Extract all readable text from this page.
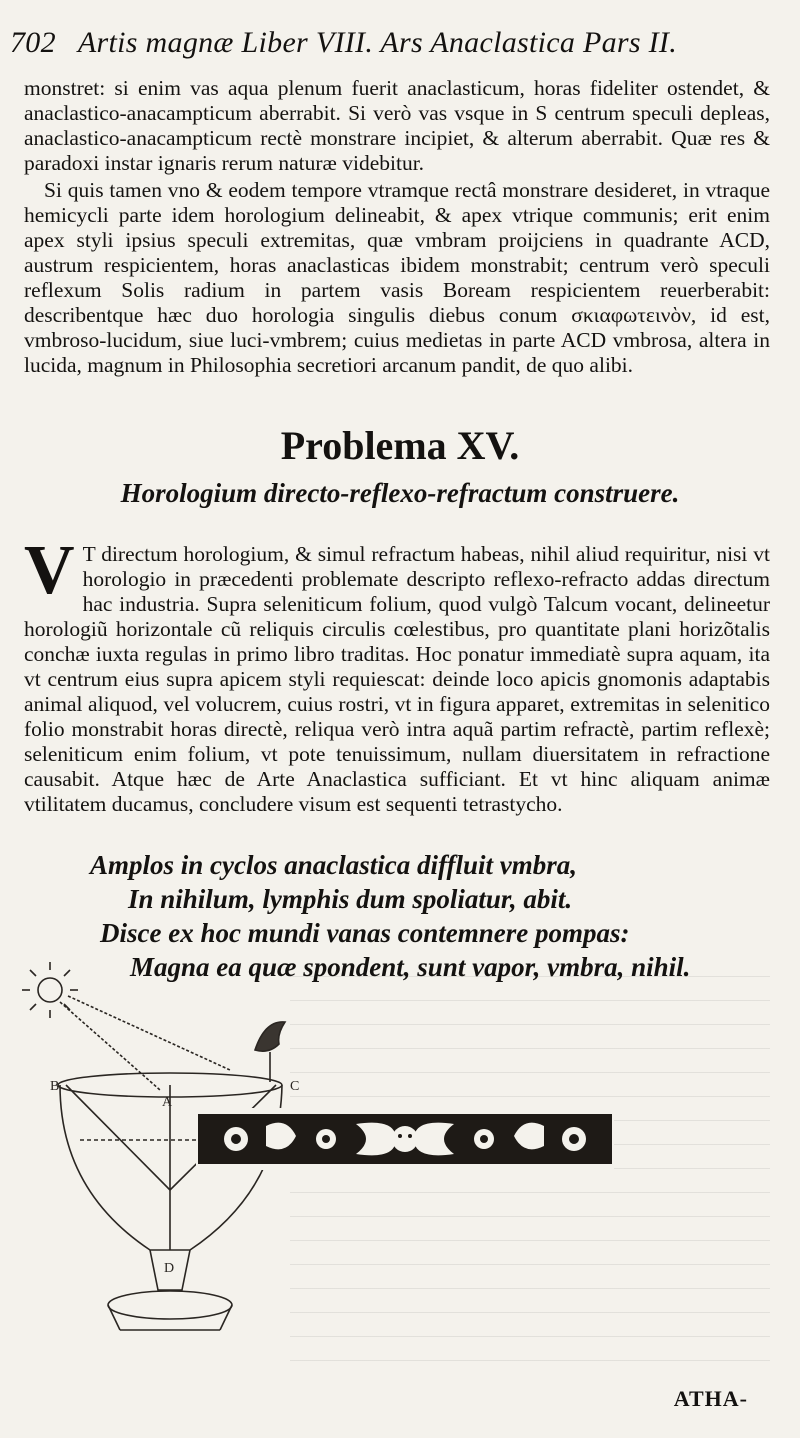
702 Artis magnæ Liber VIII. Ars Anaclastica Pars II.

monstret: si enim vas aqua plenum fuerit anaclasticum, horas fideliter ostendet, & anaclastico-anacampticum aberrabit. Si verò vas vsque in S centrum speculi depleas, anaclastico-anacampticum rectè monstrare incipiet, & alterum aberrabit. Quæ res & paradoxi instar ignaris rerum naturæ videbitur.

Si quis tamen vno & eodem tempore vtramque rectâ monstrare desideret, in vtraque hemicycli parte idem horologium delineabit, & apex vtrique communis; erit enim apex styli ipsius speculi extremitas, quæ vmbram proijciens in quadrante ACD, austrum respicientem, horas anaclasticas ibidem monstrabit; centrum verò speculi reflexum Solis radium in partem vasis Boream respicientem reuerberabit: describentque hæc duo horologia singulis diebus conum σκιαφωτεινὸν, id est, vmbroso-lucidum, siue luci-vmbrem; cuius medietas in parte ACD vmbrosa, altera in lucida, magnum in Philosophia secretiori arcanum pandit, de quo alibi.

Problema XV.
Horologium directo-reflexo-refractum construere.
V T directum horologium, & simul refractum habeas, nihil aliud requiritur, nisi vt horologio in præcedenti problemate descripto reflexo-refracto addas directum hac industria. Supra seleniticum folium, quod vulgò Talcum vocant, delineetur horologiũ horizontale cũ reliquis circulis cœlestibus, pro quantitate plani horizõtalis conchæ iuxta regulas in primo libro traditas. Hoc ponatur immediatè supra aquam, ita vt centrum eius supra apicem styli requiescat: deinde loco apicis gnomonis adaptabis animal aliquod, vel volucrem, cuius rostri, vt in figura apparet, extremitas in selenitico folio monstrabit horas directè, reliqua verò intra aquã partim refractè, partim reflexè; seleniticum enim folium, vt pote tenuissimum, nullam diuersitatem in refractione causabit. Atque hæc de Arte Anaclastica sufficiant. Et vt hinc aliquam animæ vtilitatem ducamus, concludere visum est sequenti tetrastycho.

Amplos in cyclos anaclastica diffluit vmbra,
In nihilum, lymphis dum spoliatur, abit.
Disce ex hoc mundi vanas contemnere pompas:
Magna ea quæ spondent, sunt vapor, vmbra, nihil.
B
A
C
D
ATHA-
